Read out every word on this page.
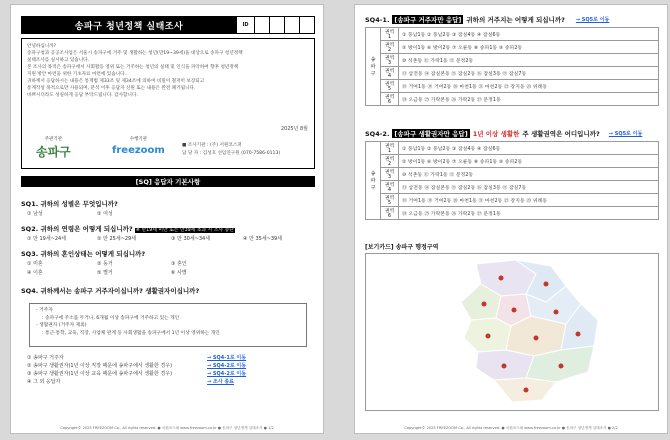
송파구 청년정책 실태조사	ID

안녕하십니까?

송파구청과 공공조사업은 서울시 송파구에 거주 및 생활하는 청년(만19~39세)을 대상으로 송파구 청년정책

실태조사를 실시하고 있습니다.

본 조사의 목적은 송파구에서 사회활동 영위 또는 거주하는 청년의 실태 및 인식을 파악하여 향후 청년정책

지원 방안 마련을 위한 기초자료 마련에 있습니다.

귀하께서 응답하시는 내용은 통계법 제33조 및 제34조에 의하여 비밀이 철저히 보장되고

통계작성 목적으로만 사용되며, 분석 이후 응답자 신원 또는 내용은 완전 폐기됩니다.

바쁘시더라도 성실하게 응답 부탁드립니다. 감사합니다.

2025년 8월
주관기관
송파구
수행기관
freezoom	■ 조사기관 : (주) 서원코스퍼
담 당 자 : 김성호 선임연구원 (070-7586-0113)
[SQ] 응답자 기본사항
SQ1. 귀하의 성별은 무엇입니까?
① 남성	② 여성
SQ2. 귀하의 연령은 어떻게 되십니까? ※ 만19세 미만 또는 만39세 초과 시 조사 중단
① 만 19세~24세	② 만 25세~29세	③ 만 30세~34세	④ 만 35세~39세
SQ3. 귀하의 혼인상태는 어떻게 되십니까?
① 미혼	② 동거	③ 혼인
④ 이혼	⑤ 별거	⑥ 사별
SQ4. 귀하께서는 송파구 거주자이십니까? 생활권자이십니까?
- 거주자
: 송파구에 주소를 두거나, 6개월 이상 송파구에 거주하고 있는 개인
- 생활권자 (거주자 제외)
: 통근·통학, 교육, 직장, 사업체 관계 등 사회생활을 송파구에서 1년 이상 영위하는 개인
① 송파구 거주자
② 송파구 생활권자(1년 이상 직장 때문에 송파구에서 생활한 경우)
③ 송파구 생활권자(1년 이상 교육 때문에 송파구에서 생활한 경우)
④ 그 외 응답자
→ SQ4-1로 이동
→ SQ4-2로 이동
→ SQ4-2로 이동
→ 조사 종료
Copyright© 2025 FREEZOOM Co., All rights reserved. ● 서원코스퍼 www.freezoom.co.kr ● 송파구 청년정책 실태조사 ● 1/2
SQ4-1. [송파구 거주자만 응답] 귀하의 거주지는 어떻게 되십니까? → SQ5로 이동
송파구	권역1	① 풍납1동 ② 풍납2동 ③ 잠실4동 ④ 잠실6동
	권역2	⑤ 방이1동 ⑥ 방이2동 ⑦ 오륜동 ⑧ 송파1동 ⑨ 송파2동
	권역3	⑩ 석촌동 ⑪ 가락1동 ⑫ 문정2동
	권역4	⑬ 삼전동 ⑭ 잠실본동 ⑮ 잠실2동 ⑯ 잠실3동 ⑰ 잠실7동
	권역5	⑱ 거여1동 ⑲ 거여2동 ⑳ 마천1동 ㉑ 마천2동 ㉒ 장지동 ㉓ 위례동
	권역6	㉔ 오금동 ㉕ 가락본동 ㉖ 가락2동 ㉗ 문정1동
SQ4-2. [송파구 생활권자만 응답] 1년 이상 생활한 주 생활권역은 어디입니까? → SQ5로 이동
송파구	권역1	① 풍납1동 ② 풍납2동 ③ 잠실4동 ④ 잠실6동
	권역2	⑤ 방이1동 ⑥ 방이2동 ⑦ 오륜동 ⑧ 송파1동 ⑨ 송파2동
	권역3	⑩ 석촌동 ⑪ 가락1동 ⑫ 문정2동
	권역4	⑬ 삼전동 ⑭ 잠실본동 ⑮ 잠실2동 ⑯ 잠실3동 ⑰ 잠실7동
	권역5	⑱ 거여1동 ⑲ 거여2동 ⑳ 마천1동 ㉑ 마천2동 ㉒ 장지동 ㉓ 위례동
	권역6	㉔ 오금동 ㉕ 가락본동 ㉖ 가락2동 ㉗ 문정1동
[보기카드] 송파구 행정구역
Copyright© 2025 FREEZOOM Co., All rights reserved. ● 서원코스퍼 www.freezoom.co.kr ● 송파구 청년정책 실태조사 ● 2/2
